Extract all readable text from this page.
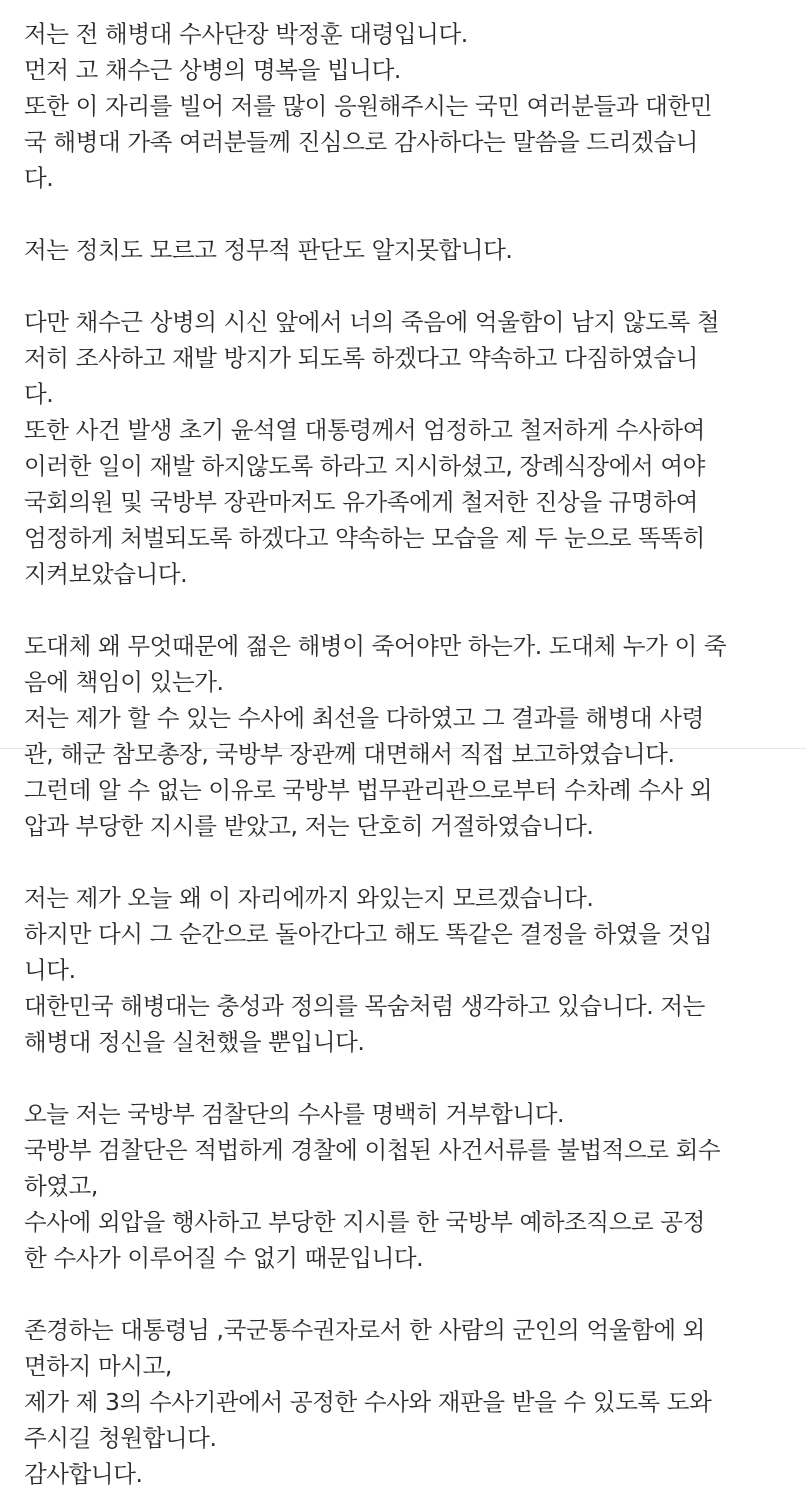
저는 전 해병대 수사단장 박정훈 대령입니다.
먼저 고 채수근 상병의 명복을 빕니다.
또한 이 자리를 빌어 저를 많이 응원해주시는 국민 여러분들과 대한민
국 해병대 가족 여러분들께 진심으로 감사하다는 말씀을 드리겠습니
다.
저는 정치도 모르고 정무적 판단도 알지못합니다.
다만 채수근 상병의 시신 앞에서 너의 죽음에 억울함이 남지 않도록 철
저히 조사하고 재발 방지가 되도록 하겠다고 약속하고 다짐하였습니
다.
또한 사건 발생 초기 윤석열 대통령께서 엄정하고 철저하게 수사하여
이러한 일이 재발 하지않도록 하라고 지시하셨고, 장례식장에서 여야
국회의원 및 국방부 장관마저도 유가족에게 철저한 진상을 규명하여
엄정하게 처벌되도록 하겠다고 약속하는 모습을 제 두 눈으로 똑똑히
지켜보았습니다.
도대체 왜 무엇때문에 젊은 해병이 죽어야만 하는가. 도대체 누가 이 죽
음에 책임이 있는가.
저는 제가 할 수 있는 수사에 최선을 다하였고 그 결과를 해병대 사령
관, 해군 참모총장, 국방부 장관께 대면해서 직접 보고하였습니다.
그런데 알 수 없는 이유로 국방부 법무관리관으로부터 수차례 수사 외
압과 부당한 지시를 받았고, 저는 단호히 거절하였습니다.
저는 제가 오늘 왜 이 자리에까지 와있는지 모르겠습니다.
하지만 다시 그 순간으로 돌아간다고 해도 똑같은 결정을 하였을 것입
니다.
대한민국 해병대는 충성과 정의를 목숨처럼 생각하고 있습니다. 저는
해병대 정신을 실천했을 뿐입니다.
오늘 저는 국방부 검찰단의 수사를 명백히 거부합니다.
국방부 검찰단은 적법하게 경찰에 이첩된 사건서류를 불법적으로 회수
하였고,
수사에 외압을 행사하고 부당한 지시를 한 국방부 예하조직으로 공정
한 수사가 이루어질 수 없기 때문입니다.
존경하는 대통령님 ,국군통수권자로서 한 사람의 군인의 억울함에 외
면하지 마시고,
제가 제 3의 수사기관에서 공정한 수사와 재판을 받을 수 있도록 도와
주시길 청원합니다.
감사합니다.
